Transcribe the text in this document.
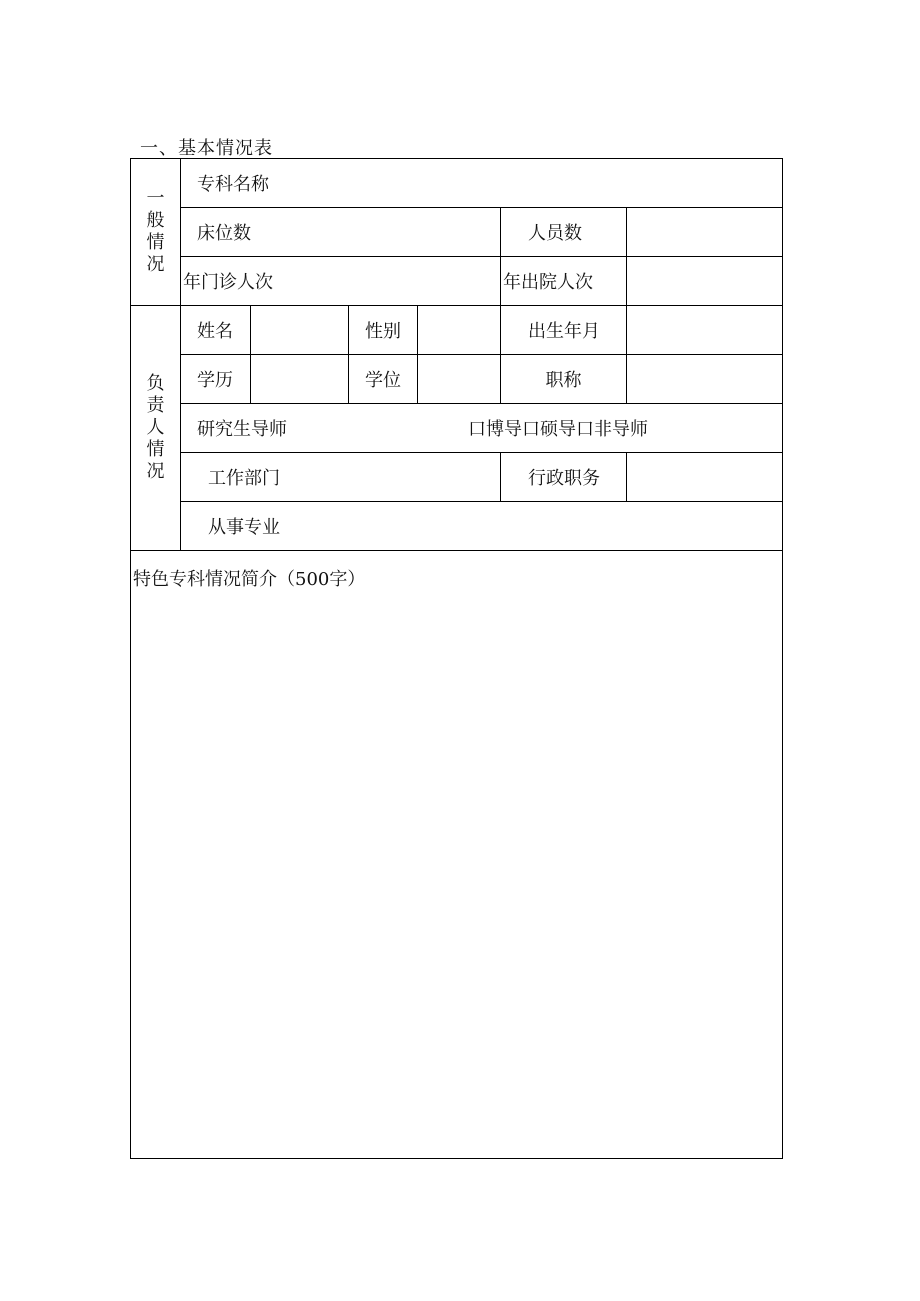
一、基本情况表
一
般
情
况	专科名称					
	床位数				人员数	
	年门诊人次				年出院人次	

负
责
人
情
况	姓名		性别		出生年月	
	学历		学位		职称	
	研究生导师 口博导口硕导口非导师					

	工作部门				行政职务	
	从事专业					
特色专科情况简介（500字）						
